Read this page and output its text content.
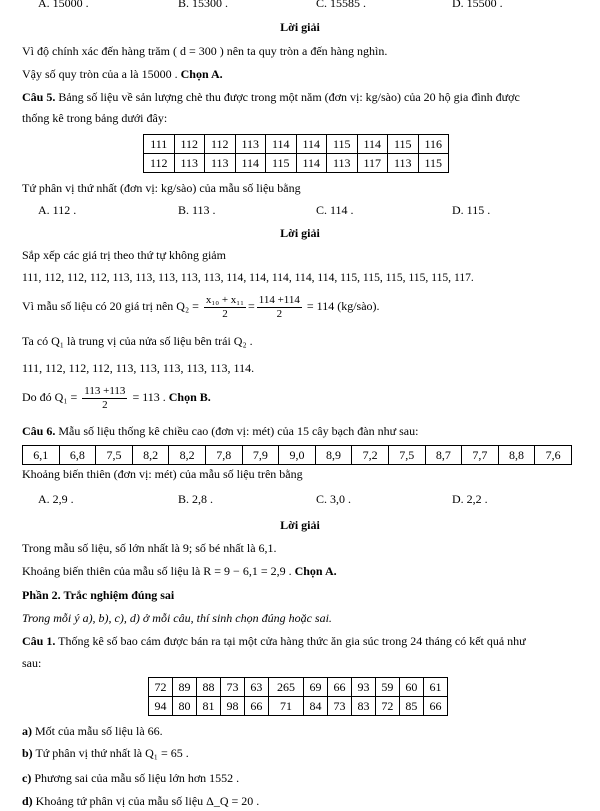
A. 15000 .	B. 15300 .	C. 15585 .	D. 15500 .
Lời giải
Vì độ chính xác đến hàng trăm ( d = 300 ) nên ta quy tròn a đến hàng nghìn.
Vậy số quy tròn của a là 15000 . Chọn A.
Câu 5. Bảng số liệu về sản lượng chè thu được trong một năm (đơn vị: kg/sào) của 20 hộ gia đình được
thống kê trong bảng dưới đây:
111	112	112	113	114	114	115	114	115	116
112	113	113	114	115	114	113	117	113	115
Tứ phân vị thứ nhất (đơn vị: kg/sào) của mẫu số liệu bằng
A. 112 .	B. 113 .	C. 114 .	D. 115 .
Lời giải
Sắp xếp các giá trị theo thứ tự không giảm
111, 112, 112, 112, 113, 113, 113, 113, 113, 114, 114, 114, 114, 114, 115, 115, 115, 115, 115, 117.
Vì mẫu số liệu có 20 giá trị nên $Q_2 = \frac{\text{x₁₀ + x₁₁}}{2} = \frac{114 +114}{2} = 114$ (kg/sào).
Ta có Q₁ là trung vị của nửa số liệu bên trái Q₂ .
111, 112, 112, 112, 113, 113, 113, 113, 113, 114.
Do đó $Q_1 = \frac{113 +113}{2} = 113$ . Chọn B.
Câu 6. Mẫu số liệu thống kê chiều cao (đơn vị: mét) của 15 cây bạch đàn như sau:
6,1	6,8	7,5	8,2	8,2	7,8	7,9	9,0	8,9	7,2	7,5	8,7	7,7	8,8	7,6
Khoảng biến thiên (đơn vị: mét) của mẫu số liệu trên bằng
A. 2,9 .	B. 2,8 .	C. 3,0 .	D. 2,2 .
Lời giải
Trong mẫu số liệu, số lớn nhất là 9; số bé nhất là 6,1.
Khoảng biến thiên của mẫu số liệu là R = 9 − 6,1 = 2,9 . Chọn A.
Phần 2. Trắc nghiệm đúng sai
Trong mỗi ý a), b), c), d) ở mỗi câu, thí sinh chọn đúng hoặc sai.
Câu 1. Thống kê số bao cám được bán ra tại một cửa hàng thức ăn gia súc trong 24 tháng có kết quả như
sau:
72	89	88	73	63	265	69	66	93	59	60	61
94	80	81	98	66	71	84	73	83	72	85	66
a) Mốt của mẫu số liệu là 66.
b) Tứ phân vị thứ nhất là Q₁ = 65 .
c) Phương sai của mẫu số liệu lớn hơn 1552 .
d) Khoảng tứ phân vị của mẫu số liệu Δ_Q = 20 .
